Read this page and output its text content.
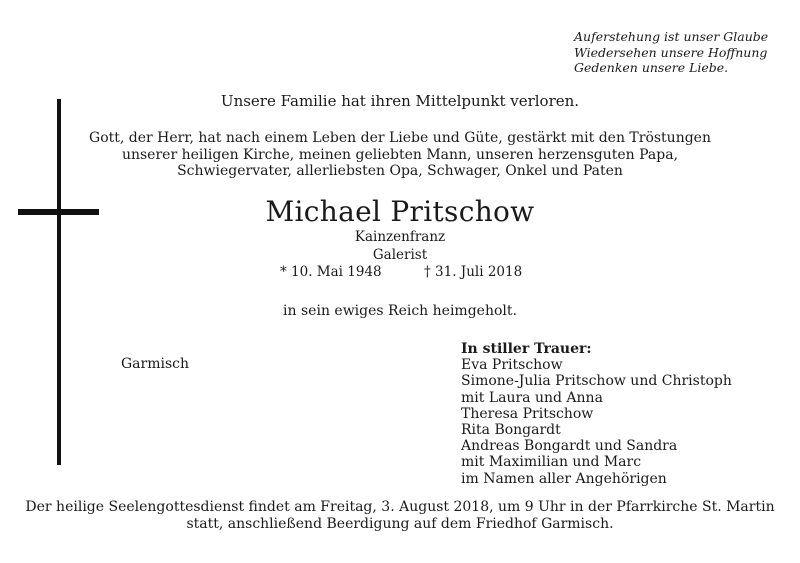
Auferstehung ist unser Glaube
Wiedersehen unsere Hoffnung
Gedenken unsere Liebe.
Unsere Familie hat ihren Mittelpunkt verloren.
Gott, der Herr, hat nach einem Leben der Liebe und Güte, gestärkt mit den Tröstungen
unserer heiligen Kirche, meinen geliebten Mann, unseren herzensguten Papa,
Schwiegervater, allerliebsten Opa, Schwager, Onkel und Paten
Michael Pritschow
Kainzenfranz
Galerist
* 10. Mai 1948	† 31. Juli 2018
in sein ewiges Reich heimgeholt.
Garmisch
In stiller Trauer:
Eva Pritschow
Simone-Julia Pritschow und Christoph
mit Laura und Anna
Theresa Pritschow
Rita Bongardt
Andreas Bongardt und Sandra
mit Maximilian und Marc
im Namen aller Angehörigen
Der heilige Seelengottesdienst findet am Freitag, 3. August 2018, um 9 Uhr in der Pfarrkirche St. Martin
statt, anschließend Beerdigung auf dem Friedhof Garmisch.
